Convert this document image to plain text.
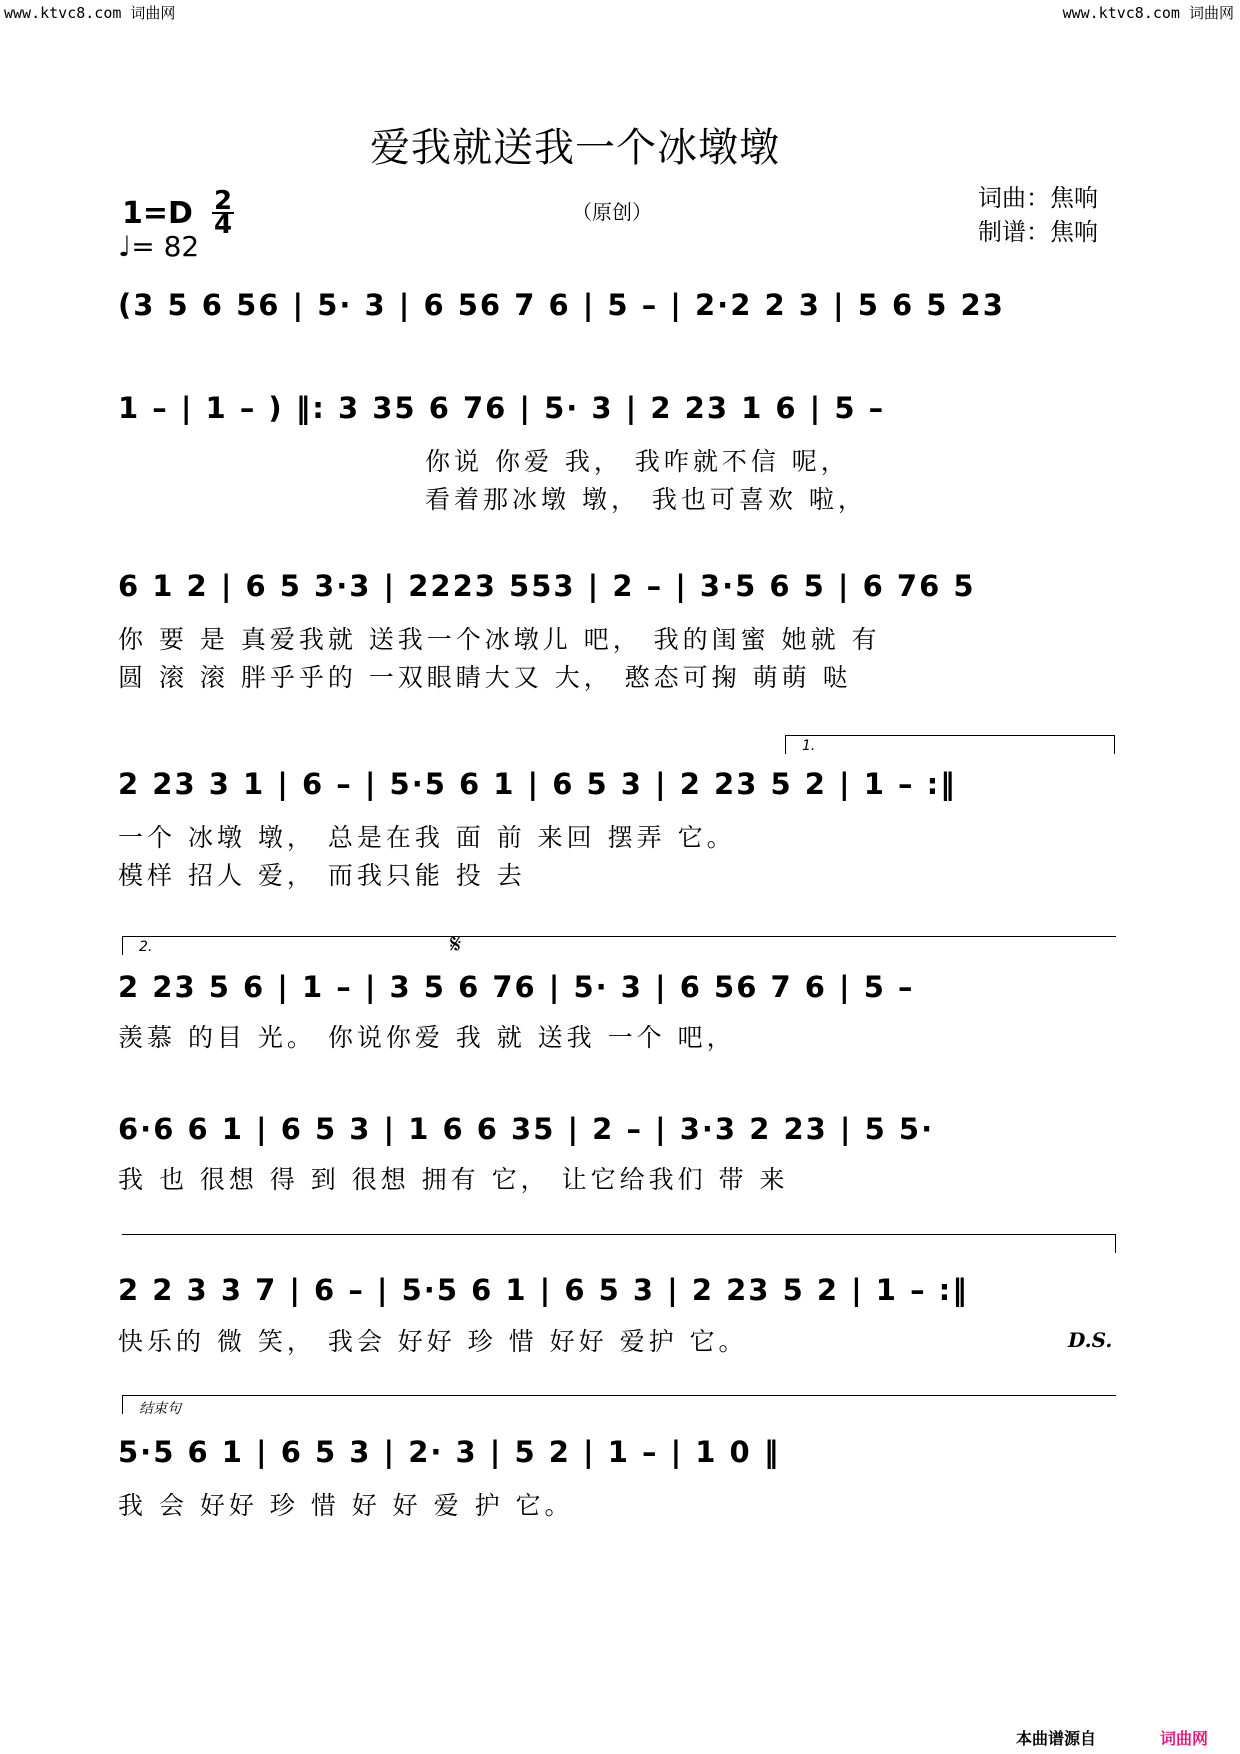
www.ktvc8.com 词曲网	www.ktvc8.com 词曲网
爱我就送我一个冰墩墩
（原创）	词曲：焦响
制谱：焦响
1=D 2
4
♩= 82
(3 5 6 56 | 5· 3 | 6 56 7 6 | 5 – | 2·2 2 3 | 5 6 5 23
1 – | 1 – ) ‖: 3 35 6 76 | 5· 3 | 2 23 1 6 | 5 –
你说 你爱 我， 我咋就不信 呢，
看着那冰墩 墩， 我也可喜欢 啦，
6 1 2 | 6 5 3·3 | 2223 553 | 2 – | 3·5 6 5 | 6 76 5
你 要 是 真爱我就 送我一个冰墩儿 吧， 我的闺蜜 她就 有
圆 滚 滚 胖乎乎的 一双眼睛大又 大， 憨态可掬 萌萌 哒
1.
2 23 3 1 | 6 – | 5·5 6 1 | 6 5 3 | 2 23 5 2 | 1 – :‖
一个 冰墩 墩， 总是在我 面 前 来回 摆弄 它。
模样 招人 爱， 而我只能 投 去
2.	𝄋
2 23 5 6 | 1 – | 3 5 6 76 | 5· 3 | 6 56 7 6 | 5 –
羡慕 的目 光。 你说你爱 我 就 送我 一个 吧，
6·6 6 1 | 6 5 3 | 1 6 6 35 | 2 – | 3·3 2 23 | 5 5·
我 也 很想 得 到 很想 拥有 它， 让它给我们 带 来
2 2 3 3 7 | 6 – | 5·5 6 1 | 6 5 3 | 2 23 5 2 | 1 – :‖
快乐的 微 笑， 我会 好好 珍 惜 好好 爱护 它。	D.S.
结束句
5·5 6 1 | 6 5 3 | 2· 3 | 5 2 | 1 – | 1 0 ‖
我 会 好好 珍 惜 好 好 爱 护 它。
本曲谱源自	词曲网
